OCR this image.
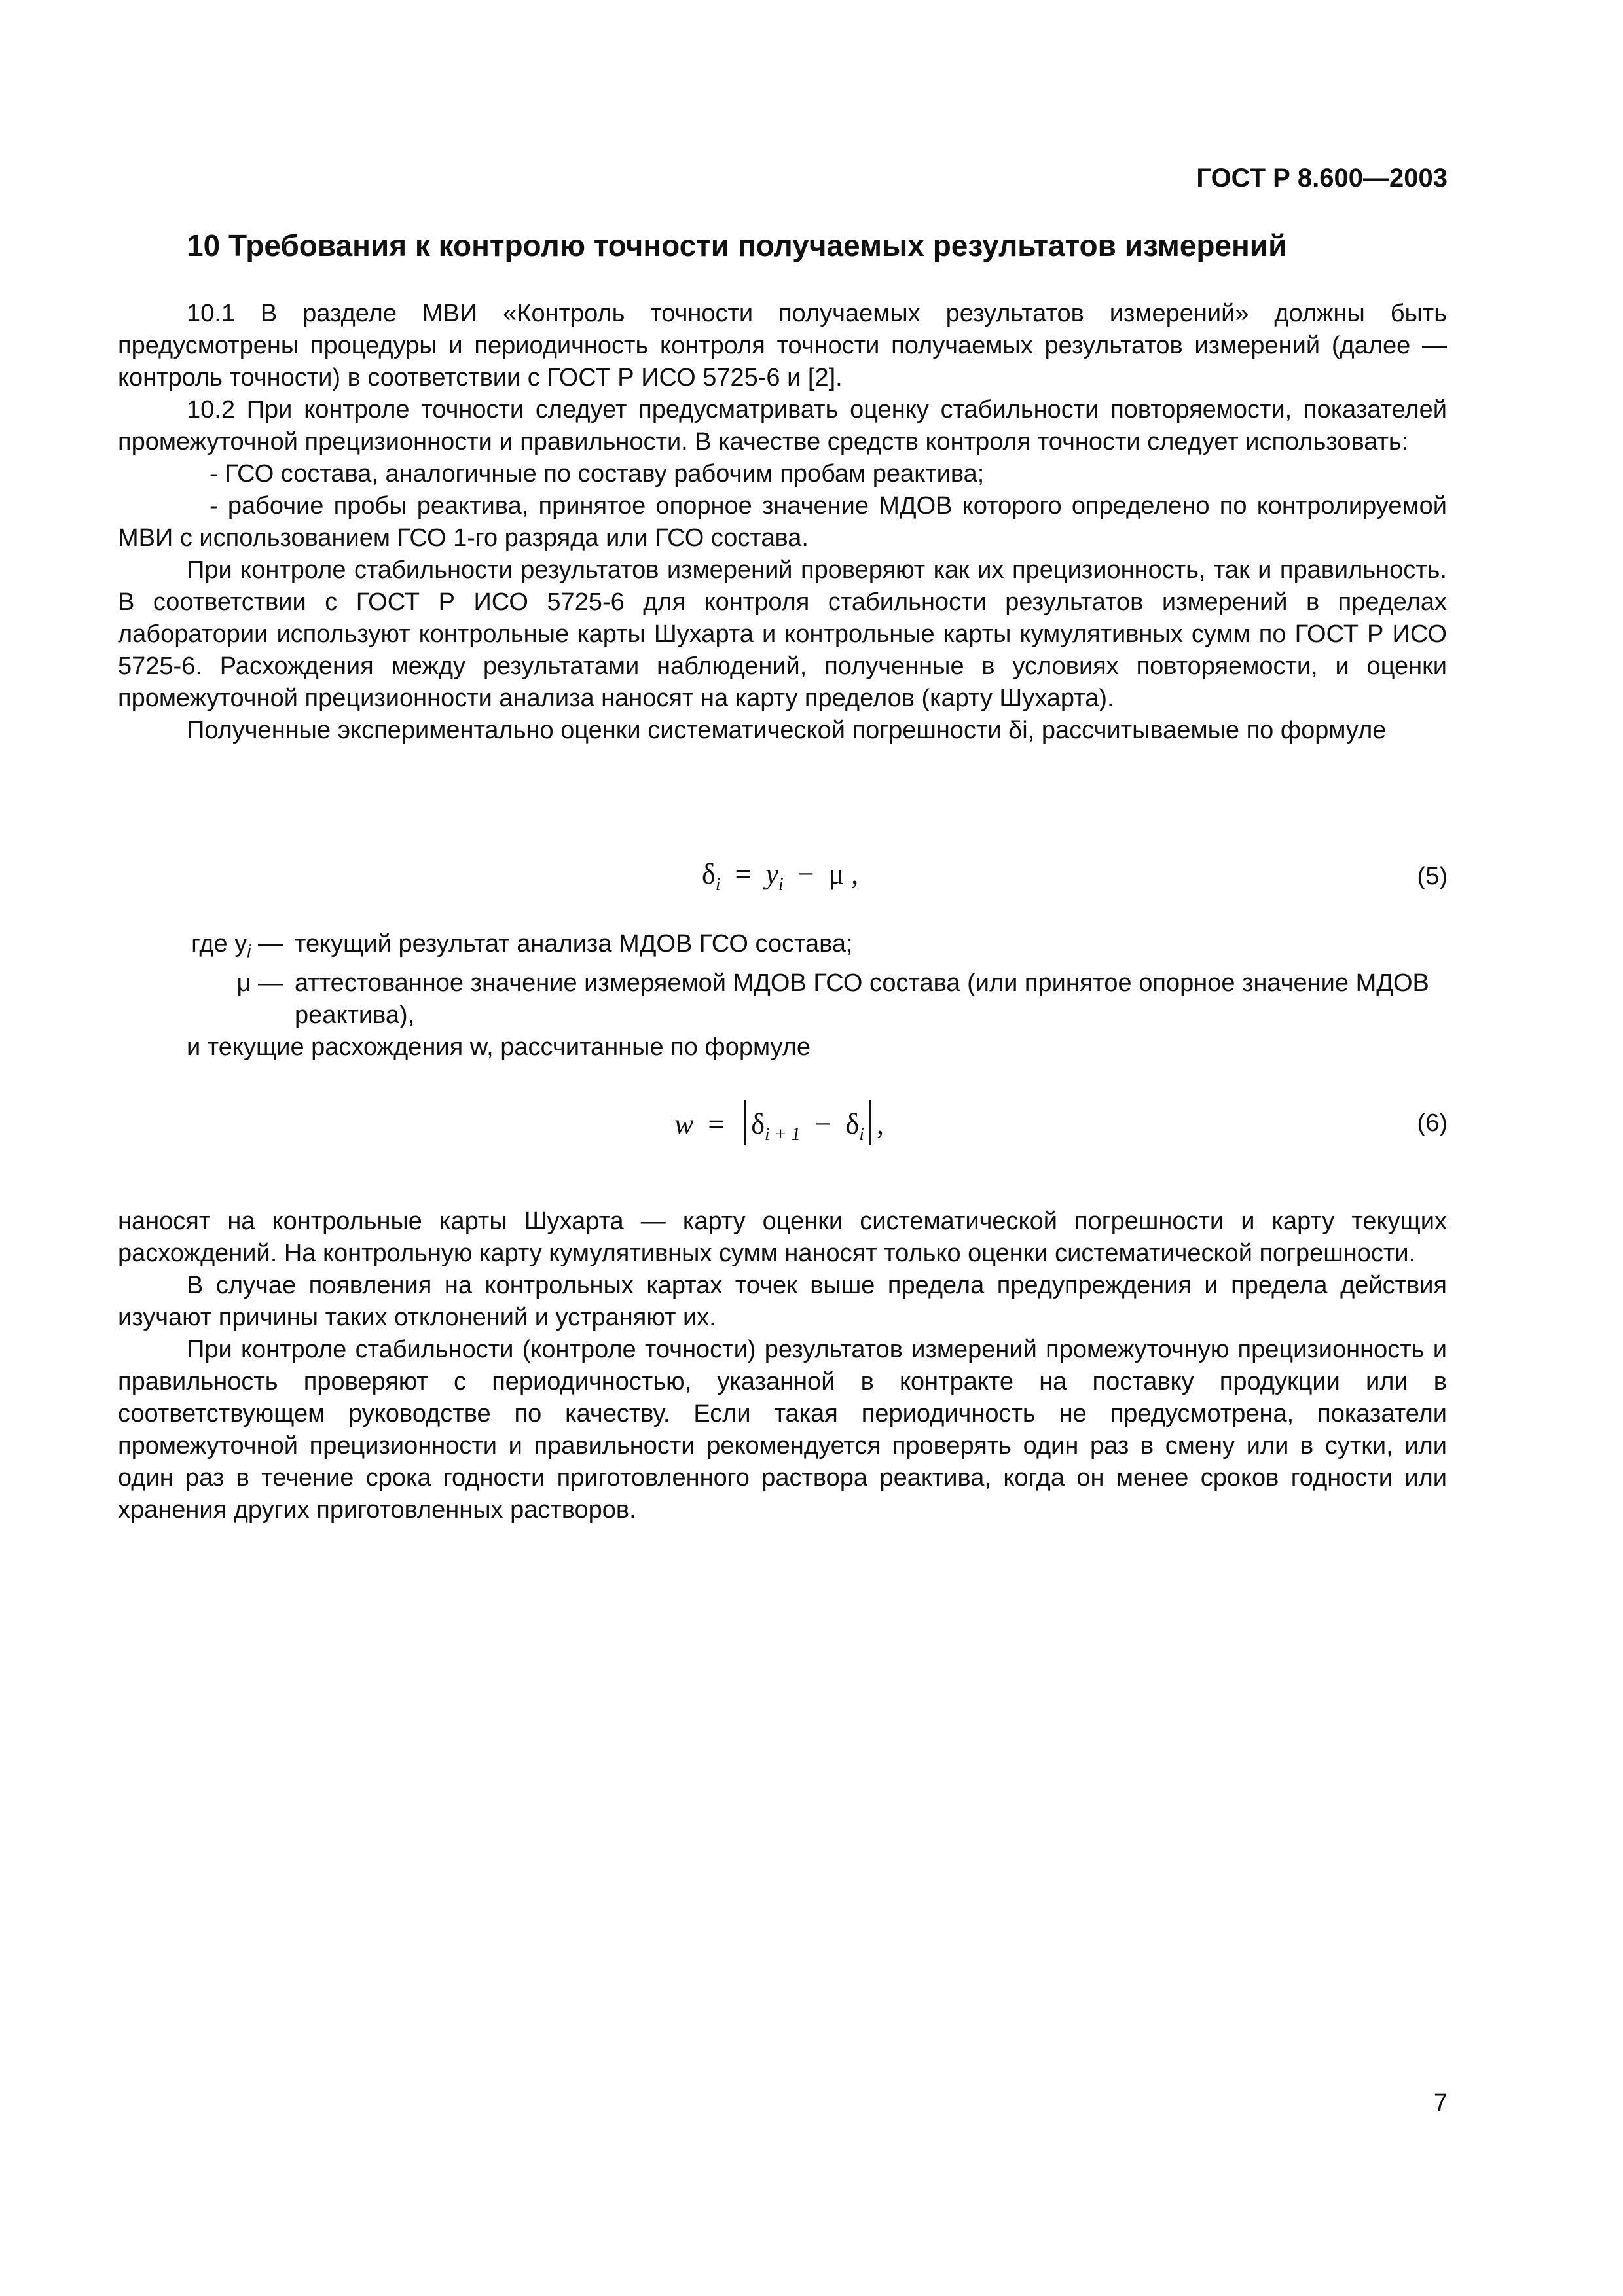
ГОСТ Р 8.600—2003
10 Требования к контролю точности получаемых результатов измерений

10.1 В разделе МВИ «Контроль точности получаемых результатов измерений» должны быть предусмотрены процедуры и периодичность контроля точности получаемых результатов измерений (далее — контроль точности) в соответствии с ГОСТ Р ИСО 5725-6 и [2].

10.2 При контроле точности следует предусматривать оценку стабильности повторяемости, показателей промежуточной прецизионности и правильности. В качестве средств контроля точности следует использовать:

- ГСО состава, аналогичные по составу рабочим пробам реактива;

- рабочие пробы реактива, принятое опорное значение МДОВ которого определено по контролируемой МВИ с использованием ГСО 1-го разряда или ГСО состава.

При контроле стабильности результатов измерений проверяют как их прецизионность, так и правильность. В соответствии с ГОСТ Р ИСО 5725-6 для контроля стабильности результатов измерений в пределах лаборатории используют контрольные карты Шухарта и контрольные карты кумулятивных сумм по ГОСТ Р ИСО 5725-6. Расхождения между результатами наблюдений, полученные в условиях повторяемости, и оценки промежуточной прецизионности анализа наносят на карту пределов (карту Шухарта).

Полученные экспериментально оценки систематической погрешности δi, рассчитываемые по формуле

$\delta_i = y_i - \mu$ ,	(5)
где $y_i$ — текущий результат анализа МДОВ ГСО состава;
μ — аттестованное значение измеряемой МДОВ ГСО состава (или принятое опорное значение МДОВ реактива),
и текущие расхождения w, рассчитанные по формуле
$w = \delta_{i + 1} - \delta_i$ ,	(6)

наносят на контрольные карты Шухарта — карту оценки систематической погрешности и карту текущих расхождений. На контрольную карту кумулятивных сумм наносят только оценки систематической погрешности.

В случае появления на контрольных картах точек выше предела предупреждения и предела действия изучают причины таких отклонений и устраняют их.

При контроле стабильности (контроле точности) результатов измерений промежуточную прецизионность и правильность проверяют с периодичностью, указанной в контракте на поставку продукции или в соответствующем руководстве по качеству. Если такая периодичность не предусмотрена, показатели промежуточной прецизионности и правильности рекомендуется проверять один раз в смену или в сутки, или один раз в течение срока годности приготовленного раствора реактива, когда он менее сроков годности или хранения других приготовленных растворов.

7
